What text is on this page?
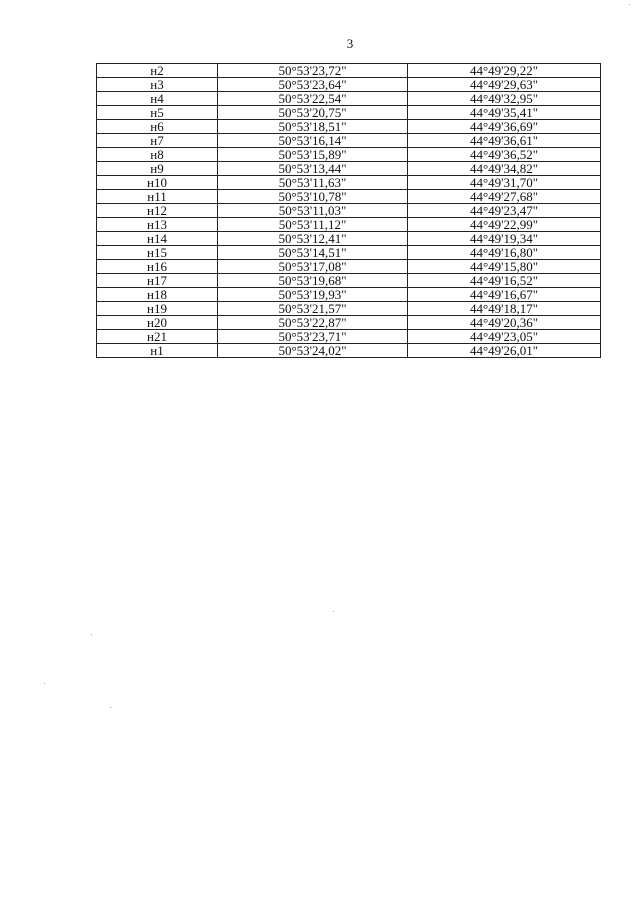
3
н2	50°53'23,72"	44°49'29,22"
н3	50°53'23,64"	44°49'29,63"
н4	50°53'22,54"	44°49'32,95"
н5	50°53'20,75"	44°49'35,41"
н6	50°53'18,51"	44°49'36,69"
н7	50°53'16,14"	44°49'36,61"
н8	50°53'15,89"	44°49'36,52"
н9	50°53'13,44"	44°49'34,82"
н10	50°53'11,63"	44°49'31,70"
н11	50°53'10,78"	44°49'27,68"
н12	50°53'11,03"	44°49'23,47"
н13	50°53'11,12"	44°49'22,99"
н14	50°53'12,41"	44°49'19,34"
н15	50°53'14,51"	44°49'16,80"
н16	50°53'17,08"	44°49'15,80"
н17	50°53'19,68"	44°49'16,52"
н18	50°53'19,93"	44°49'16,67"
н19	50°53'21,57"	44°49'18,17"
н20	50°53'22,87"	44°49'20,36"
н21	50°53'23,71"	44°49'23,05"
н1	50°53'24,02"	44°49'26,01"
